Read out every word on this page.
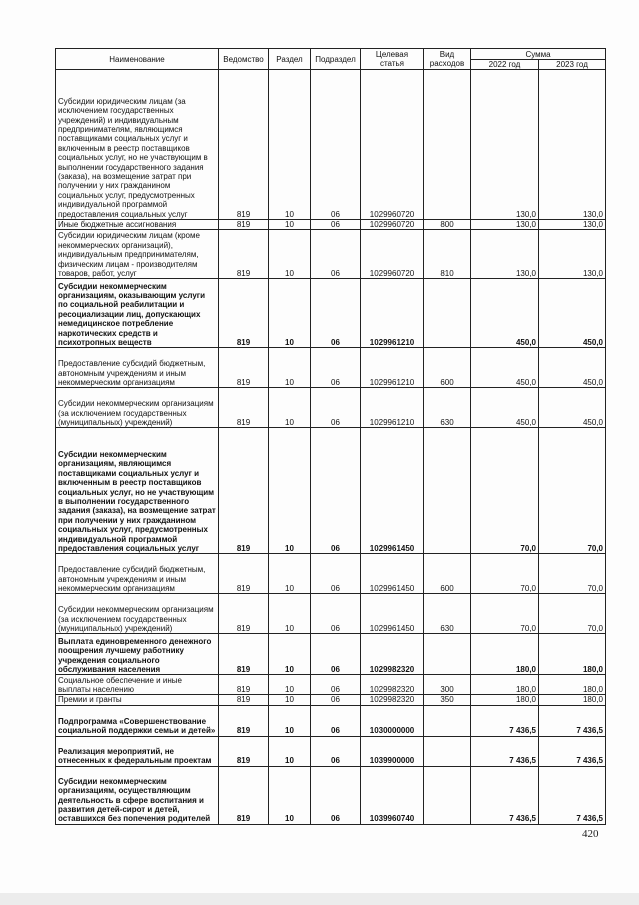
Наименование	Ведомство	Раздел	Подраздел	Целевая статья	Вид расходов	Сумма	
						2022 год	2023 год
Субсидии юридическим лицам (за исключением государственных учреждений) и индивидуальным предпринимателям, являющимся поставщиками социальных услуг и включенным в реестр поставщиков социальных услуг, но не участвующим в выполнении государственного задания (заказа), на возмещение затрат при получении у них гражданином социальных услуг, предусмотренных индивидуальной программой предоставления социальных услуг	819	10	06	1029960720		130,0	130,0
Иные бюджетные ассигнования	819	10	06	1029960720	800	130,0	130,0
Субсидии юридическим лицам (кроме некоммерческих организаций), индивидуальным предпринимателям, физическим лицам - производителям товаров, работ, услуг	819	10	06	1029960720	810	130,0	130,0
Субсидии некоммерческим организациям, оказывающим услуги по социальной реабилитации и ресоциализации лиц, допускающих немедицинское потребление наркотических средств и психотропных веществ	819	10	06	1029961210		450,0	450,0
Предоставление субсидий бюджетным, автономным учреждениям и иным некоммерческим организациям	819	10	06	1029961210	600	450,0	450,0
Субсидии некоммерческим организациям (за исключением государственных (муниципальных) учреждений)	819	10	06	1029961210	630	450,0	450,0
Субсидии некоммерческим организациям, являющимся поставщиками социальных услуг и включенным в реестр поставщиков социальных услуг, но не участвующим в выполнении государственного задания (заказа), на возмещение затрат при получении у них гражданином социальных услуг, предусмотренных индивидуальной программой предоставления социальных услуг	819	10	06	1029961450		70,0	70,0
Предоставление субсидий бюджетным, автономным учреждениям и иным некоммерческим организациям	819	10	06	1029961450	600	70,0	70,0
Субсидии некоммерческим организациям (за исключением государственных (муниципальных) учреждений)	819	10	06	1029961450	630	70,0	70,0
Выплата единовременного денежного поощрения лучшему работнику учреждения социального обслуживания населения	819	10	06	1029982320		180,0	180,0
Социальное обеспечение и иные выплаты населению	819	10	06	1029982320	300	180,0	180,0
Премии и гранты	819	10	06	1029982320	350	180,0	180,0
Подпрограмма «Совершенствование социальной поддержки семьи и детей»	819	10	06	1030000000		7 436,5	7 436,5
Реализация мероприятий, не отнесенных к федеральным проектам	819	10	06	1039900000		7 436,5	7 436,5
Субсидии некоммерческим организациям, осуществляющим деятельность в сфере воспитания и развития детей-сирот и детей, оставшихся без попечения родителей	819	10	06	1039960740		7 436,5	7 436,5
420
